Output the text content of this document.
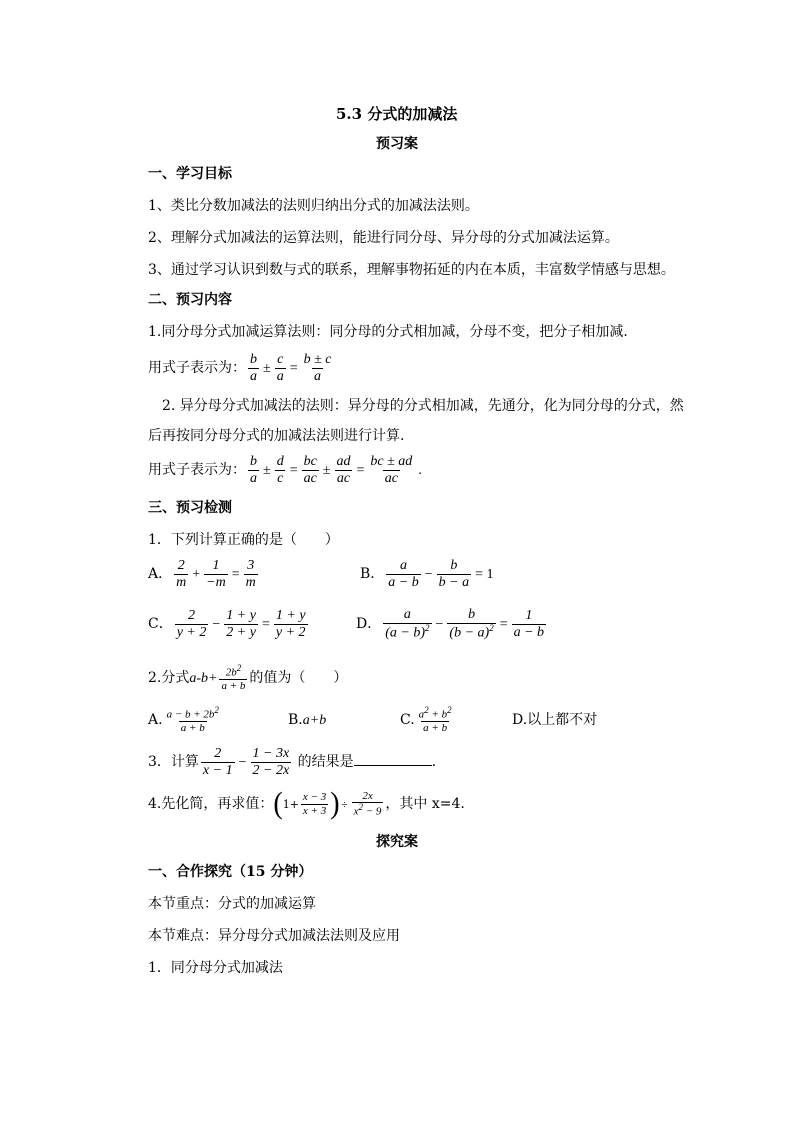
5.3 分式的加减法
预习案
一、学习目标
1、类比分数加减法的法则归纳出分式的加减法法则。
2、理解分式加减法的运算法则，能进行同分母、异分母的分式加减法运算。
3、通过学习认识到数与式的联系，理解事物拓延的内在本质，丰富数学情感与思想。
二、预习内容
1.同分母分式加减运算法则：同分母的分式相加减，分母不变，把分子相加减.
用式子表示为： $\frac{b}{a} \pm \frac{c}{a} = \frac{b \pm c}{a}$
2. 异分母分式加减法的法则：异分母的分式相加减，先通分，化为同分母的分式，然
后再按同分母分式的加减法法则进行计算.
用式子表示为： $\frac{b}{a} \pm \frac{d}{c} = \frac{bc}{ac} \pm \frac{ad}{ac} = \frac{bc \pm ad}{ac}$ .
三、预习检测
1．下列计算正确的是（　　）
A． $\frac{2}{m} + \frac{1}{-m} = \frac{3}{m}$	B． $\frac{a}{a - b} - \frac{b}{b - a} = 1$
C． $\frac{2}{y + 2} - \frac{1 + y}{2 + y} = \frac{1 + y}{y + 2}$	D． $\frac{a}{(a - b)^2} - \frac{b}{(b - a)^2} = \frac{1}{a - b}$
2.分式$a-b+ \frac{2b^2}{a + b}$ 的值为（　　）
A. $\frac{a - b + 2b^2}{a + b}$	B.a+b	C. $\frac{a^2 + b^2}{a + b}$	D.以上都不对
3．计算 $\frac{2}{x - 1} - \frac{1 - 3x}{2 - 2x}$ 的结果是	.
4.先化简，再求值：($1+ \frac{x - 3}{x + 3}$ ) ÷ $\frac{2x}{x^2 - 9}$ ，其中 x=4.
探究案
一、合作探究（15 分钟）
本节重点：分式的加减运算
本节难点：异分母分式加减法法则及应用
1．同分母分式加减法
